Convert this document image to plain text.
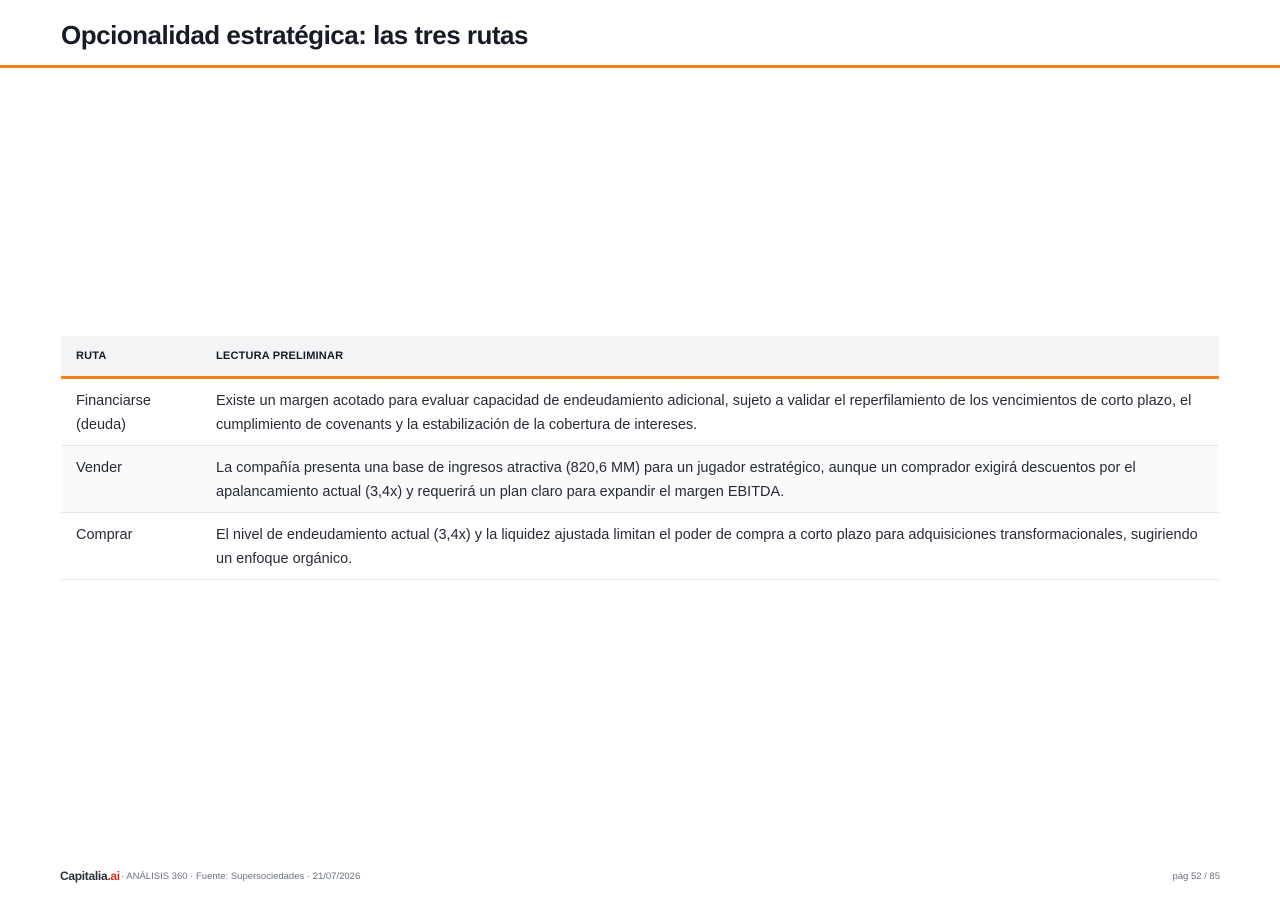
Opcionalidad estratégica: las tres rutas
RUTA	LECTURA PRELIMINAR
Financiarse (deuda)	Existe un margen acotado para evaluar capacidad de endeudamiento adicional, sujeto a validar el reperfilamiento de los vencimientos de corto plazo, el cumplimiento de covenants y la estabilización de la cobertura de intereses.
Vender	La compañía presenta una base de ingresos atractiva (820,6 MM) para un jugador estratégico, aunque un comprador exigirá descuentos por el apalancamiento actual (3,4x) y requerirá un plan claro para expandir el margen EBITDA.
Comprar	El nivel de endeudamiento actual (3,4x) y la liquidez ajustada limitan el poder de compra a corto plazo para adquisiciones transformacionales, sugiriendo un enfoque orgánico.
Capitalia.ai · ANÁLISIS 360 · Fuente: Supersociedades · 21/07/2026	pág 52 / 85
